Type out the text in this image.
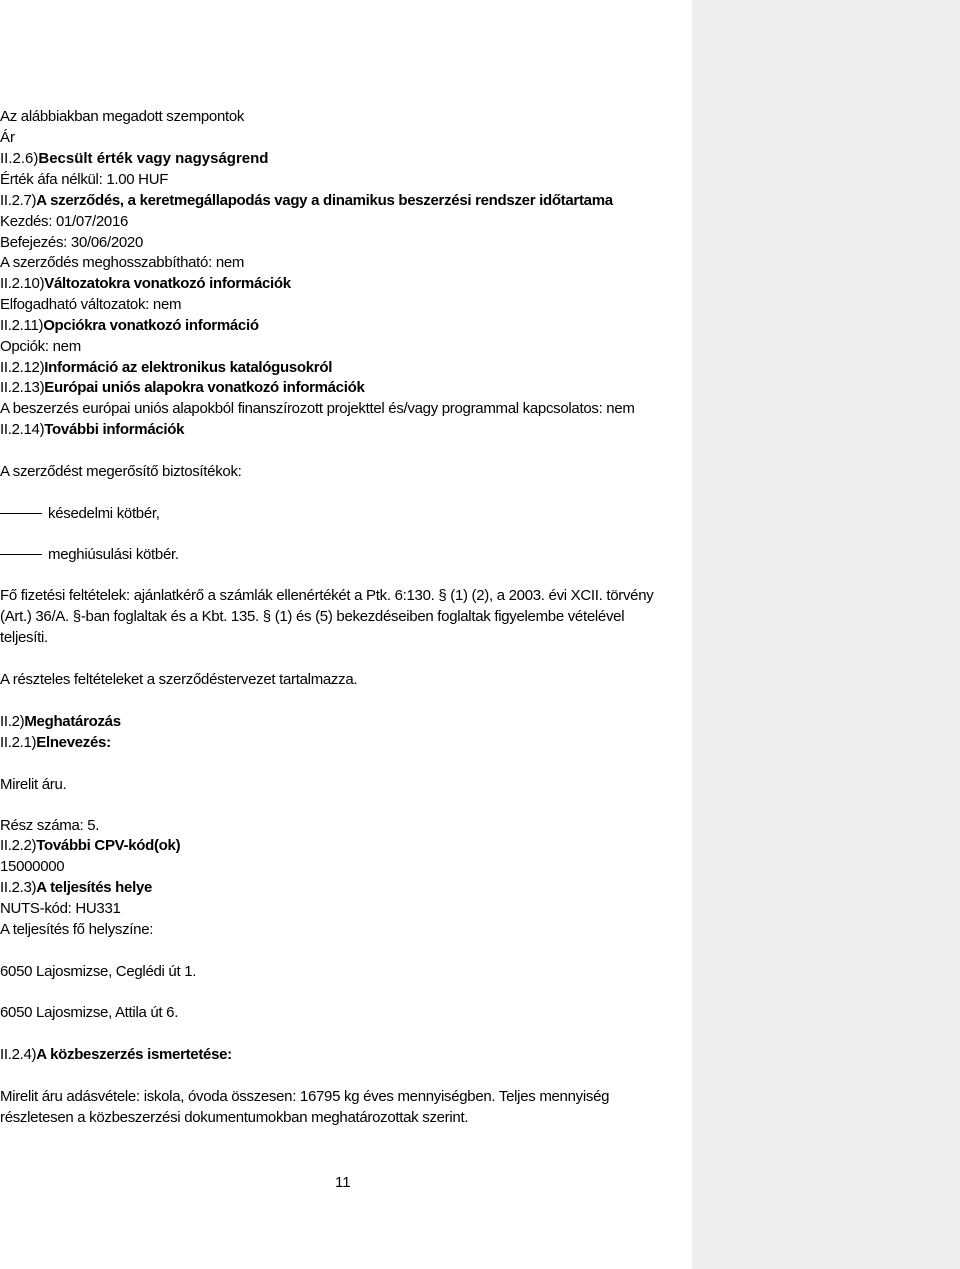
Az alábbiakban megadott szempontok
Ár
II.2.6)Becsült érték vagy nagyságrend
Érték áfa nélkül: 1.00 HUF
II.2.7)A szerződés, a keretmegállapodás vagy a dinamikus beszerzési rendszer időtartama
Kezdés: 01/07/2016
Befejezés: 30/06/2020
A szerződés meghosszabbítható: nem
II.2.10)Változatokra vonatkozó információk
Elfogadható változatok: nem
II.2.11)Opciókra vonatkozó információ
Opciók: nem
II.2.12)Információ az elektronikus katalógusokról
II.2.13)Európai uniós alapokra vonatkozó információk
A beszerzés európai uniós alapokból finanszírozott projekttel és/vagy programmal kapcsolatos: nem
II.2.14)További információk
A szerződést megerősítő biztosítékok:
késedelmi kötbér,
meghiúsulási kötbér.
Fő fizetési feltételek: ajánlatkérő a számlák ellenértékét a Ptk. 6:130. § (1) (2), a 2003. évi XCII. törvény
(Art.) 36/A. §-ban foglaltak és a Kbt. 135. § (1) és (5) bekezdéseiben foglaltak figyelembe vételével
teljesíti.
A részteles feltételeket a szerződéstervezet tartalmazza.
II.2)Meghatározás
II.2.1)Elnevezés:
Mirelit áru.
Rész száma: 5.
II.2.2)További CPV-kód(ok)
15000000
II.2.3)A teljesítés helye
NUTS-kód: HU331
A teljesítés fő helyszíne:
6050 Lajosmizse, Ceglédi út 1.
6050 Lajosmizse, Attila út 6.
II.2.4)A közbeszerzés ismertetése:
Mirelit áru adásvétele: iskola, óvoda összesen: 16795 kg éves mennyiségben. Teljes mennyiség
részletesen a közbeszerzési dokumentumokban meghatározottak szerint.
11
